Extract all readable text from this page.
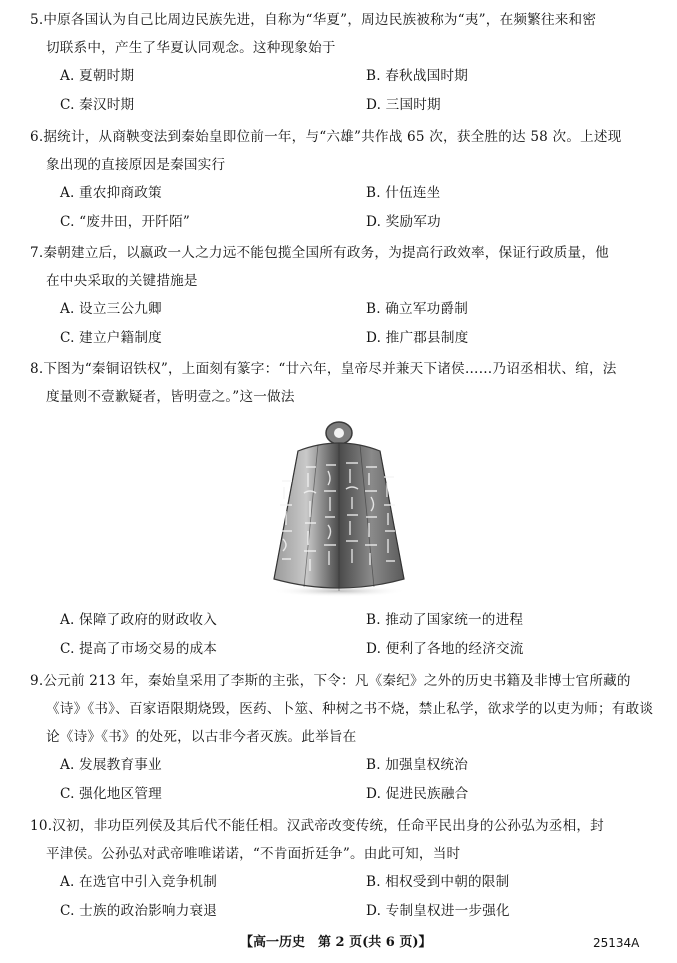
5.中原各国认为自己比周边民族先进，自称为“华夏”，周边民族被称为“夷”，在频繁往来和密
切联系中，产生了华夏认同观念。这种现象始于
A. 夏朝时期	B. 春秋战国时期
C. 秦汉时期	D. 三国时期
6.据统计，从商鞅变法到秦始皇即位前一年，与“六雄”共作战 65 次，获全胜的达 58 次。上述现
象出现的直接原因是秦国实行
A. 重农抑商政策	B. 什伍连坐
C. “废井田，开阡陌”	D. 奖励军功
7.秦朝建立后，以嬴政一人之力远不能包揽全国所有政务，为提高行政效率，保证行政质量，他
在中央采取的关键措施是
A. 设立三公九卿	B. 确立军功爵制
C. 建立户籍制度	D. 推广郡县制度
8.下图为“秦铜诏铁权”，上面刻有篆字：“廿六年，皇帝尽并兼天下诸侯……乃诏丞相状、绾，法
度量则不壹歉疑者，皆明壹之。”这一做法
A. 保障了政府的财政收入	B. 推动了国家统一的进程
C. 提高了市场交易的成本	D. 便利了各地的经济交流
9.公元前 213 年，秦始皇采用了李斯的主张，下令：凡《秦纪》之外的历史书籍及非博士官所藏的
《诗》《书》、百家语限期烧毁，医药、卜筮、种树之书不烧，禁止私学，欲求学的以吏为师；有敢谈
论《诗》《书》的处死，以古非今者灭族。此举旨在
A. 发展教育事业	B. 加强皇权统治
C. 强化地区管理	D. 促进民族融合
10.汉初，非功臣列侯及其后代不能任相。汉武帝改变传统，任命平民出身的公孙弘为丞相，封
平津侯。公孙弘对武帝唯唯诺诺，“不肯面折廷争”。由此可知，当时
A. 在选官中引入竞争机制	B. 相权受到中朝的限制
C. 士族的政治影响力衰退	D. 专制皇权进一步强化
【高一历史　第 2 页(共 6 页)】	25134A
